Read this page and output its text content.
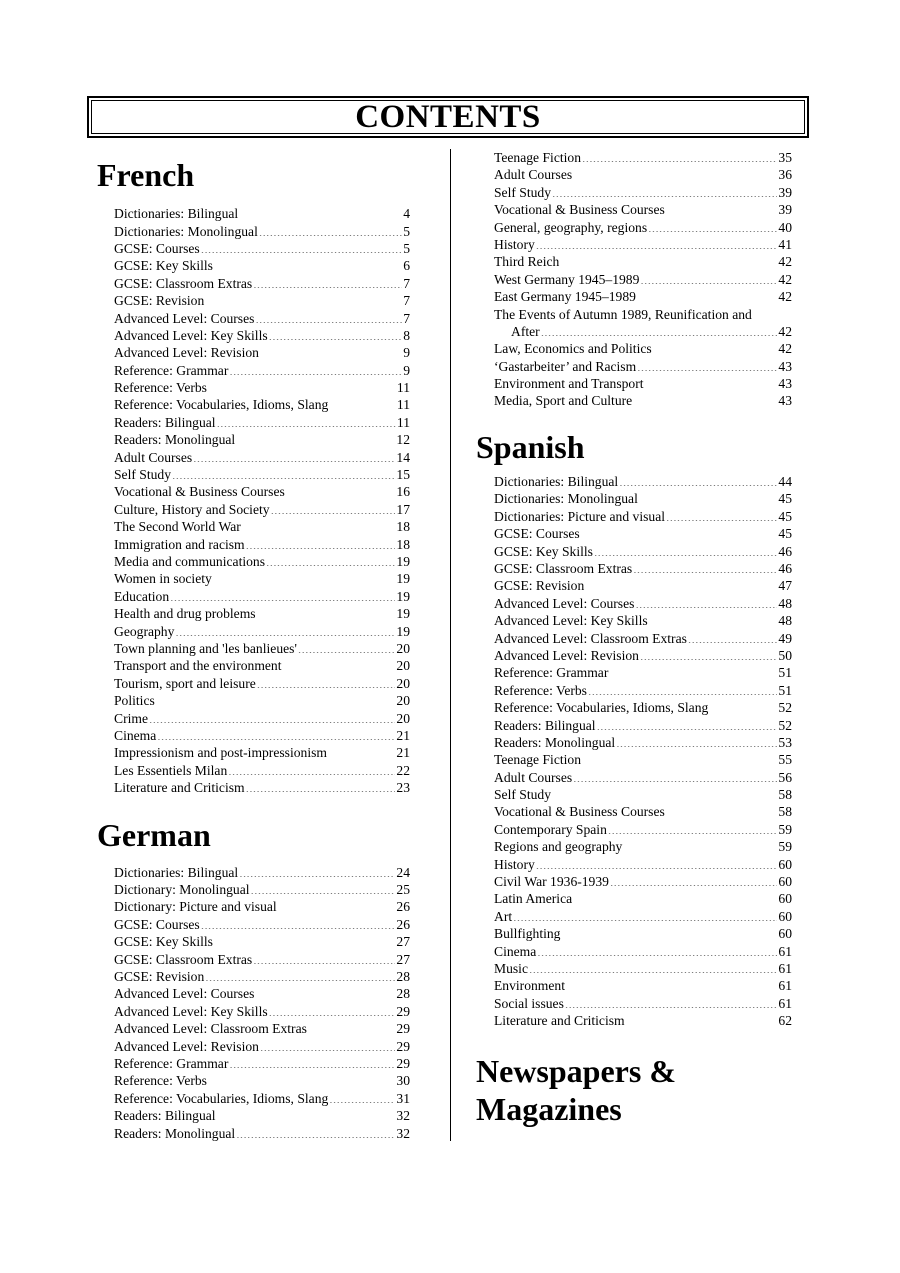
CONTENTS
French
Dictionaries: Bilingual .....	4
Dictionaries: Monolingual .....	5
GCSE: Courses .....	5
GCSE: Key Skills .....	6
GCSE: Classroom Extras .....	7
GCSE: Revision .....	7
Advanced Level: Courses .....	7
Advanced Level: Key Skills .....	8
Advanced Level: Revision .....	9
Reference: Grammar .....	9
Reference: Verbs .....	11
Reference: Vocabularies, Idioms, Slang .....	11
Readers: Bilingual .....	11
Readers: Monolingual .....	12
Adult Courses .....	14
Self Study .....	15
Vocational & Business Courses .....	16
Culture, History and Society .....	17
The Second World War .....	18
Immigration and racism .....	18
Media and communications .....	19
Women in society .....	19
Education .....	19
Health and drug problems .....	19
Geography .....	19
Town planning and 'les banlieues' .....	20
Transport and the environment .....	20
Tourism, sport and leisure .....	20
Politics .....	20
Crime .....	20
Cinema .....	21
Impressionism and post-impressionism .....	21
Les Essentiels Milan .....	22
Literature and Criticism .....	23
German
Dictionaries: Bilingual .....	24
Dictionary: Monolingual .....	25
Dictionary: Picture and visual .....	26
GCSE: Courses .....	26
GCSE: Key Skills .....	27
GCSE: Classroom Extras .....	27
GCSE: Revision .....	28
Advanced Level: Courses .....	28
Advanced Level: Key Skills .....	29
Advanced Level: Classroom Extras .....	29
Advanced Level: Revision .....	29
Reference: Grammar .....	29
Reference: Verbs .....	30
Reference: Vocabularies, Idioms, Slang .....	31
Readers: Bilingual .....	32
Readers: Monolingual .....	32
Teenage Fiction .....	35
Adult Courses .....	36
Self Study .....	39
Vocational & Business Courses .....	39
General, geography, regions .....	40
History .....	41
Third Reich .....	42
West Germany 1945–1989 .....	42
East Germany 1945–1989 .....	42
The Events of Autumn 1989, Reunification and
After .....	42
Law, Economics and Politics .....	42
‘Gastarbeiter’ and Racism .....	43
Environment and Transport .....	43
Media, Sport and Culture .....	43
Spanish
Dictionaries: Bilingual .....	44
Dictionaries: Monolingual .....	45
Dictionaries: Picture and visual .....	45
GCSE: Courses .....	45
GCSE: Key Skills .....	46
GCSE: Classroom Extras .....	46
GCSE: Revision .....	47
Advanced Level: Courses .....	48
Advanced Level: Key Skills .....	48
Advanced Level: Classroom Extras .....	49
Advanced Level: Revision .....	50
Reference: Grammar .....	51
Reference: Verbs .....	51
Reference: Vocabularies, Idioms, Slang .....	52
Readers: Bilingual .....	52
Readers: Monolingual .....	53
Teenage Fiction .....	55
Adult Courses .....	56
Self Study .....	58
Vocational & Business Courses .....	58
Contemporary Spain .....	59
Regions and geography .....	59
History .....	60
Civil War 1936-1939 .....	60
Latin America .....	60
Art .....	60
Bullfighting .....	60
Cinema .....	61
Music .....	61
Environment .....	61
Social issues .....	61
Literature and Criticism .....	62
Newspapers &
Magazines
